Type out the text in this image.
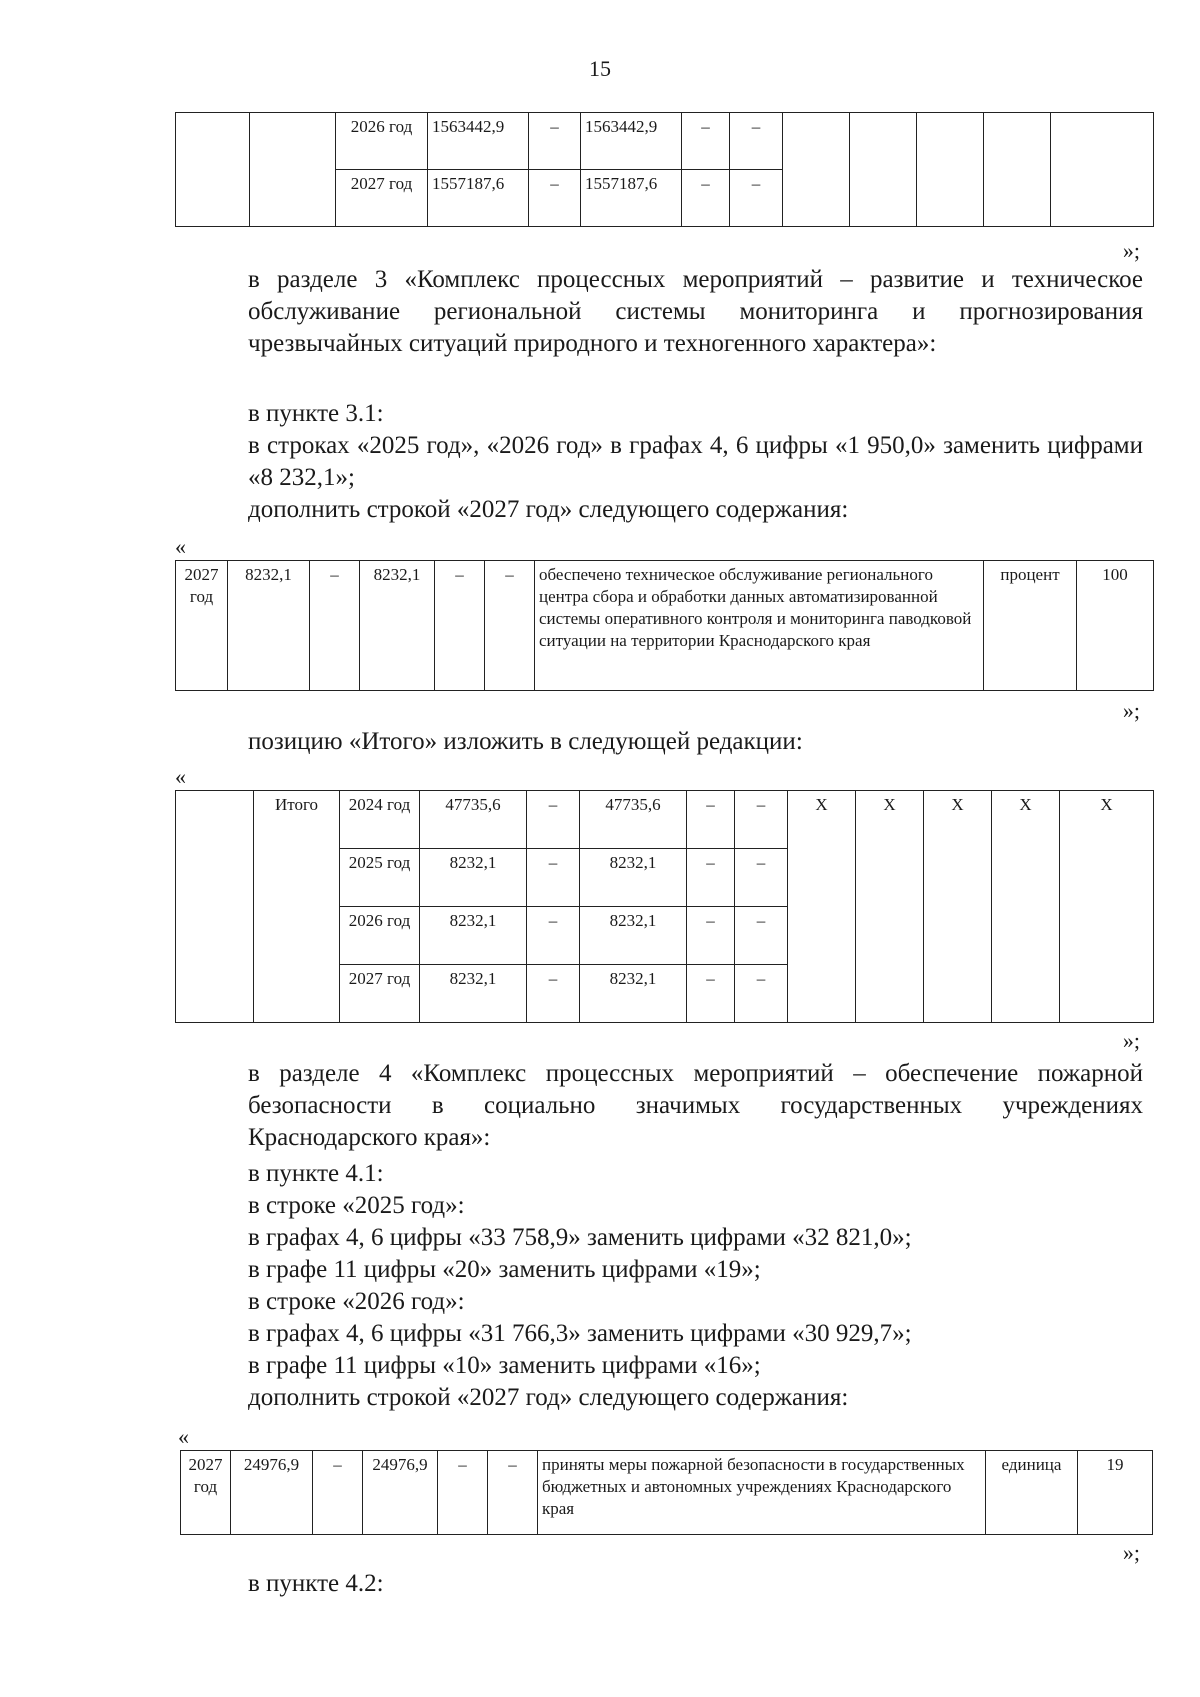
15
		2026 год	1563442,9	–	1563442,9	–	–					
		2027 год	1557187,6	–	1557187,6	–	–					
»;
в разделе 3 «Комплекс процессных мероприятий – развитие и техническое обслуживание региональной системы мониторинга и прогнозирования чрезвычайных ситуаций природного и техногенного характера»:
в пункте 3.1:
в строках «2025 год», «2026 год» в графах 4, 6 цифры «1 950,0» заменить цифрами «8 232,1»;
дополнить строкой «2027 год» следующего содержания:
«
2027 год	8232,1	–	8232,1	–	–	обеспечено техническое обслуживание регионального центра сбора и обработки данных автоматизированной системы оперативного контроля и мониторинга паводковой ситуации на территории Краснодарского края	процент	100
»;
позицию «Итого» изложить в следующей редакции:
«
	Итого	2024 год	47735,6	–	47735,6	–	–	X	X	X	X	X
		2025 год	8232,1	–	8232,1	–	–					
		2026 год	8232,1	–	8232,1	–	–					
		2027 год	8232,1	–	8232,1	–	–					
»;
в разделе 4 «Комплекс процессных мероприятий – обеспечение пожарной безопасности в социально значимых государственных учреждениях Краснодарского края»:
в пункте 4.1:
в строке «2025 год»:
в графах 4, 6 цифры «33 758,9» заменить цифрами «32 821,0»;
в графе 11 цифры «20» заменить цифрами «19»;
в строке «2026 год»:
в графах 4, 6 цифры «31 766,3» заменить цифрами «30 929,7»;
в графе 11 цифры «10» заменить цифрами «16»;
дополнить строкой «2027 год» следующего содержания:
«
2027 год	24976,9	–	24976,9	–	–	приняты меры пожарной безопасности в государственных бюджетных и автономных учреждениях Краснодарского края	единица	19
»;
в пункте 4.2:
